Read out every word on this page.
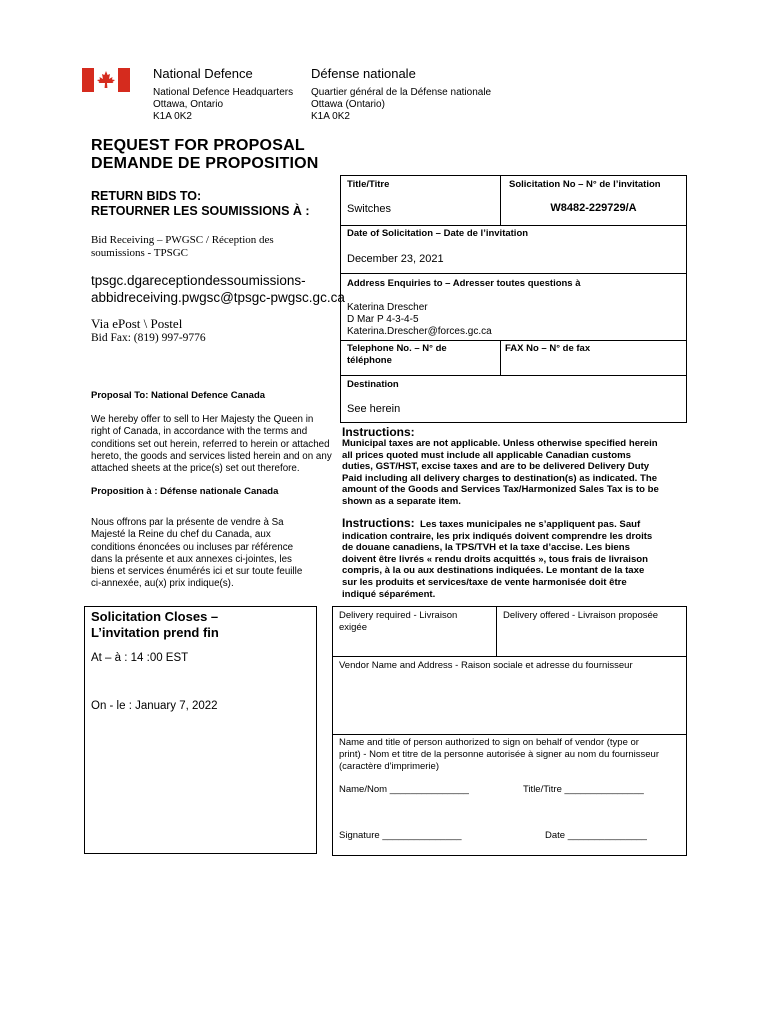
National Defence	Défense nationale
National Defence Headquarters
Ottawa, Ontario
K1A 0K2
Quartier général de la Défense nationale
Ottawa (Ontario)
K1A 0K2
REQUEST FOR PROPOSAL
DEMANDE DE PROPOSITION
RETURN BIDS TO:
RETOURNER LES SOUMISSIONS À :
Bid Receiving – PWGSC / Réception des
soumissions - TPSGC
tpsgc.dgareceptiondessoumissions-
abbidreceiving.pwgsc@tpsgc-pwgsc.gc.ca
Via ePost \ Postel
Bid Fax: (819) 997-9776
Title/Titre	Solicitation No – N° de l’invitation
Switches	W8482-229729/A
Date of Solicitation – Date de l’invitation
December 23, 2021
Address Enquiries to – Adresser toutes questions à
Katerina Drescher
D Mar P 4-3-4-5
Katerina.Drescher@forces.gc.ca
Telephone No. – N° de
téléphone
FAX No – N° de fax
Destination
See herein
Proposal To: National Defence Canada
We hereby offer to sell to Her Majesty the Queen in
right of Canada, in accordance with the terms and
conditions set out herein, referred to herein or attached
hereto, the goods and services listed herein and on any
attached sheets at the price(s) set out therefore.
Proposition à : Défense nationale Canada
Nous offrons par la présente de vendre à Sa
Majesté la Reine du chef du Canada, aux
conditions énoncées ou incluses par référence
dans la présente et aux annexes ci-jointes, les
biens et services énumérés ici et sur toute feuille
ci-annexée, au(x) prix indique(s).
Instructions:
Municipal taxes are not applicable. Unless otherwise specified herein
all prices quoted must include all applicable Canadian customs
duties, GST/HST, excise taxes and are to be delivered Delivery Duty
Paid including all delivery charges to destination(s) as indicated. The
amount of the Goods and Services Tax/Harmonized Sales Tax is to be
shown as a separate item.
Instructions: Les taxes municipales ne s’appliquent pas. Sauf
indication contraire, les prix indiqués doivent comprendre les droits
de douane canadiens, la TPS/TVH et la taxe d’accise. Les biens
doivent être livrés « rendu droits acquittés », tous frais de livraison
compris, à la ou aux destinations indiquées. Le montant de la taxe
sur les produits et services/taxe de vente harmonisée doit être
indiqué séparément.
Solicitation Closes –
L’invitation prend fin
At – à : 14 :00 EST
On - le : January 7, 2022
Delivery required - Livraison
exigée
Delivery offered - Livraison proposée
Vendor Name and Address - Raison sociale et adresse du fournisseur
Name and title of person authorized to sign on behalf of vendor (type or
print) - Nom et titre de la personne autorisée à signer au nom du fournisseur
(caractère d'imprimerie)
Name/Nom _______________	Title/Titre _______________
Signature _______________	Date _______________
